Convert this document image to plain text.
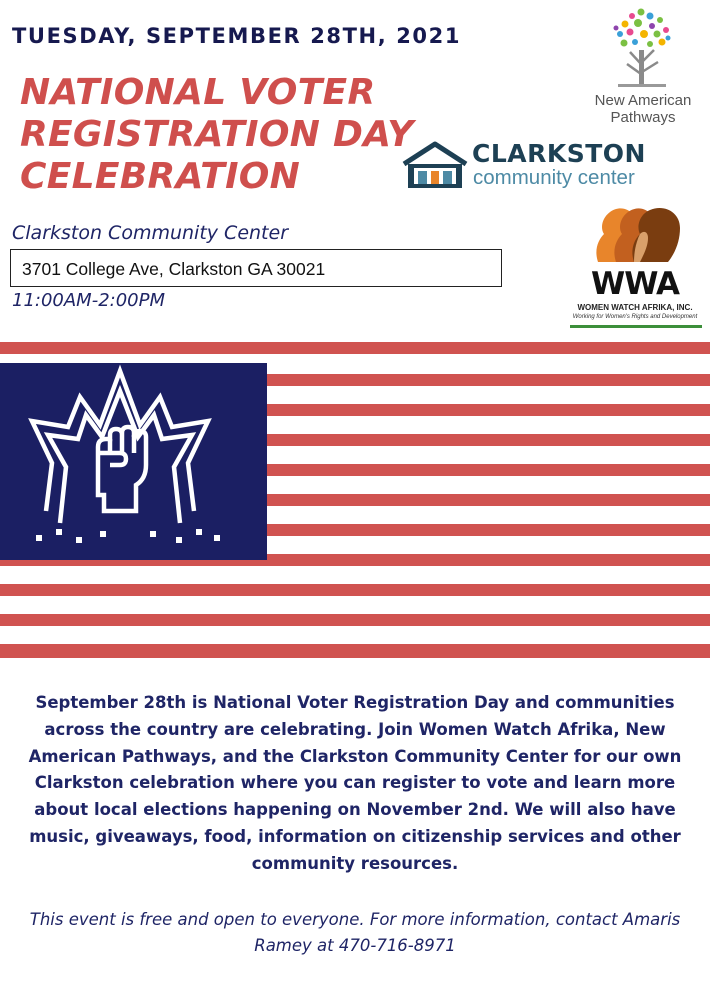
TUESDAY, SEPTEMBER 28TH, 2021
NATIONAL VOTER
REGISTRATION DAY
CELEBRATION
Clarkston Community Center
3701 College Ave, Clarkston GA 30021
11:00AM-2:00PM
New American
Pathways
CLARKSTON
community center
WWA
WOMEN WATCH AFRIKA, INC.
Working for Women's Rights and Development

September 28th is National Voter Registration Day and communities across the country are celebrating. Join Women Watch Afrika, New American Pathways, and the Clarkston Community Center for our own Clarkston celebration where you can register to vote and learn more about local elections happening on November 2nd. We will also have music, giveaways, food, information on citizenship services and other community resources.

This event is free and open to everyone. For more information, contact Amaris Ramey at 470-716-8971
